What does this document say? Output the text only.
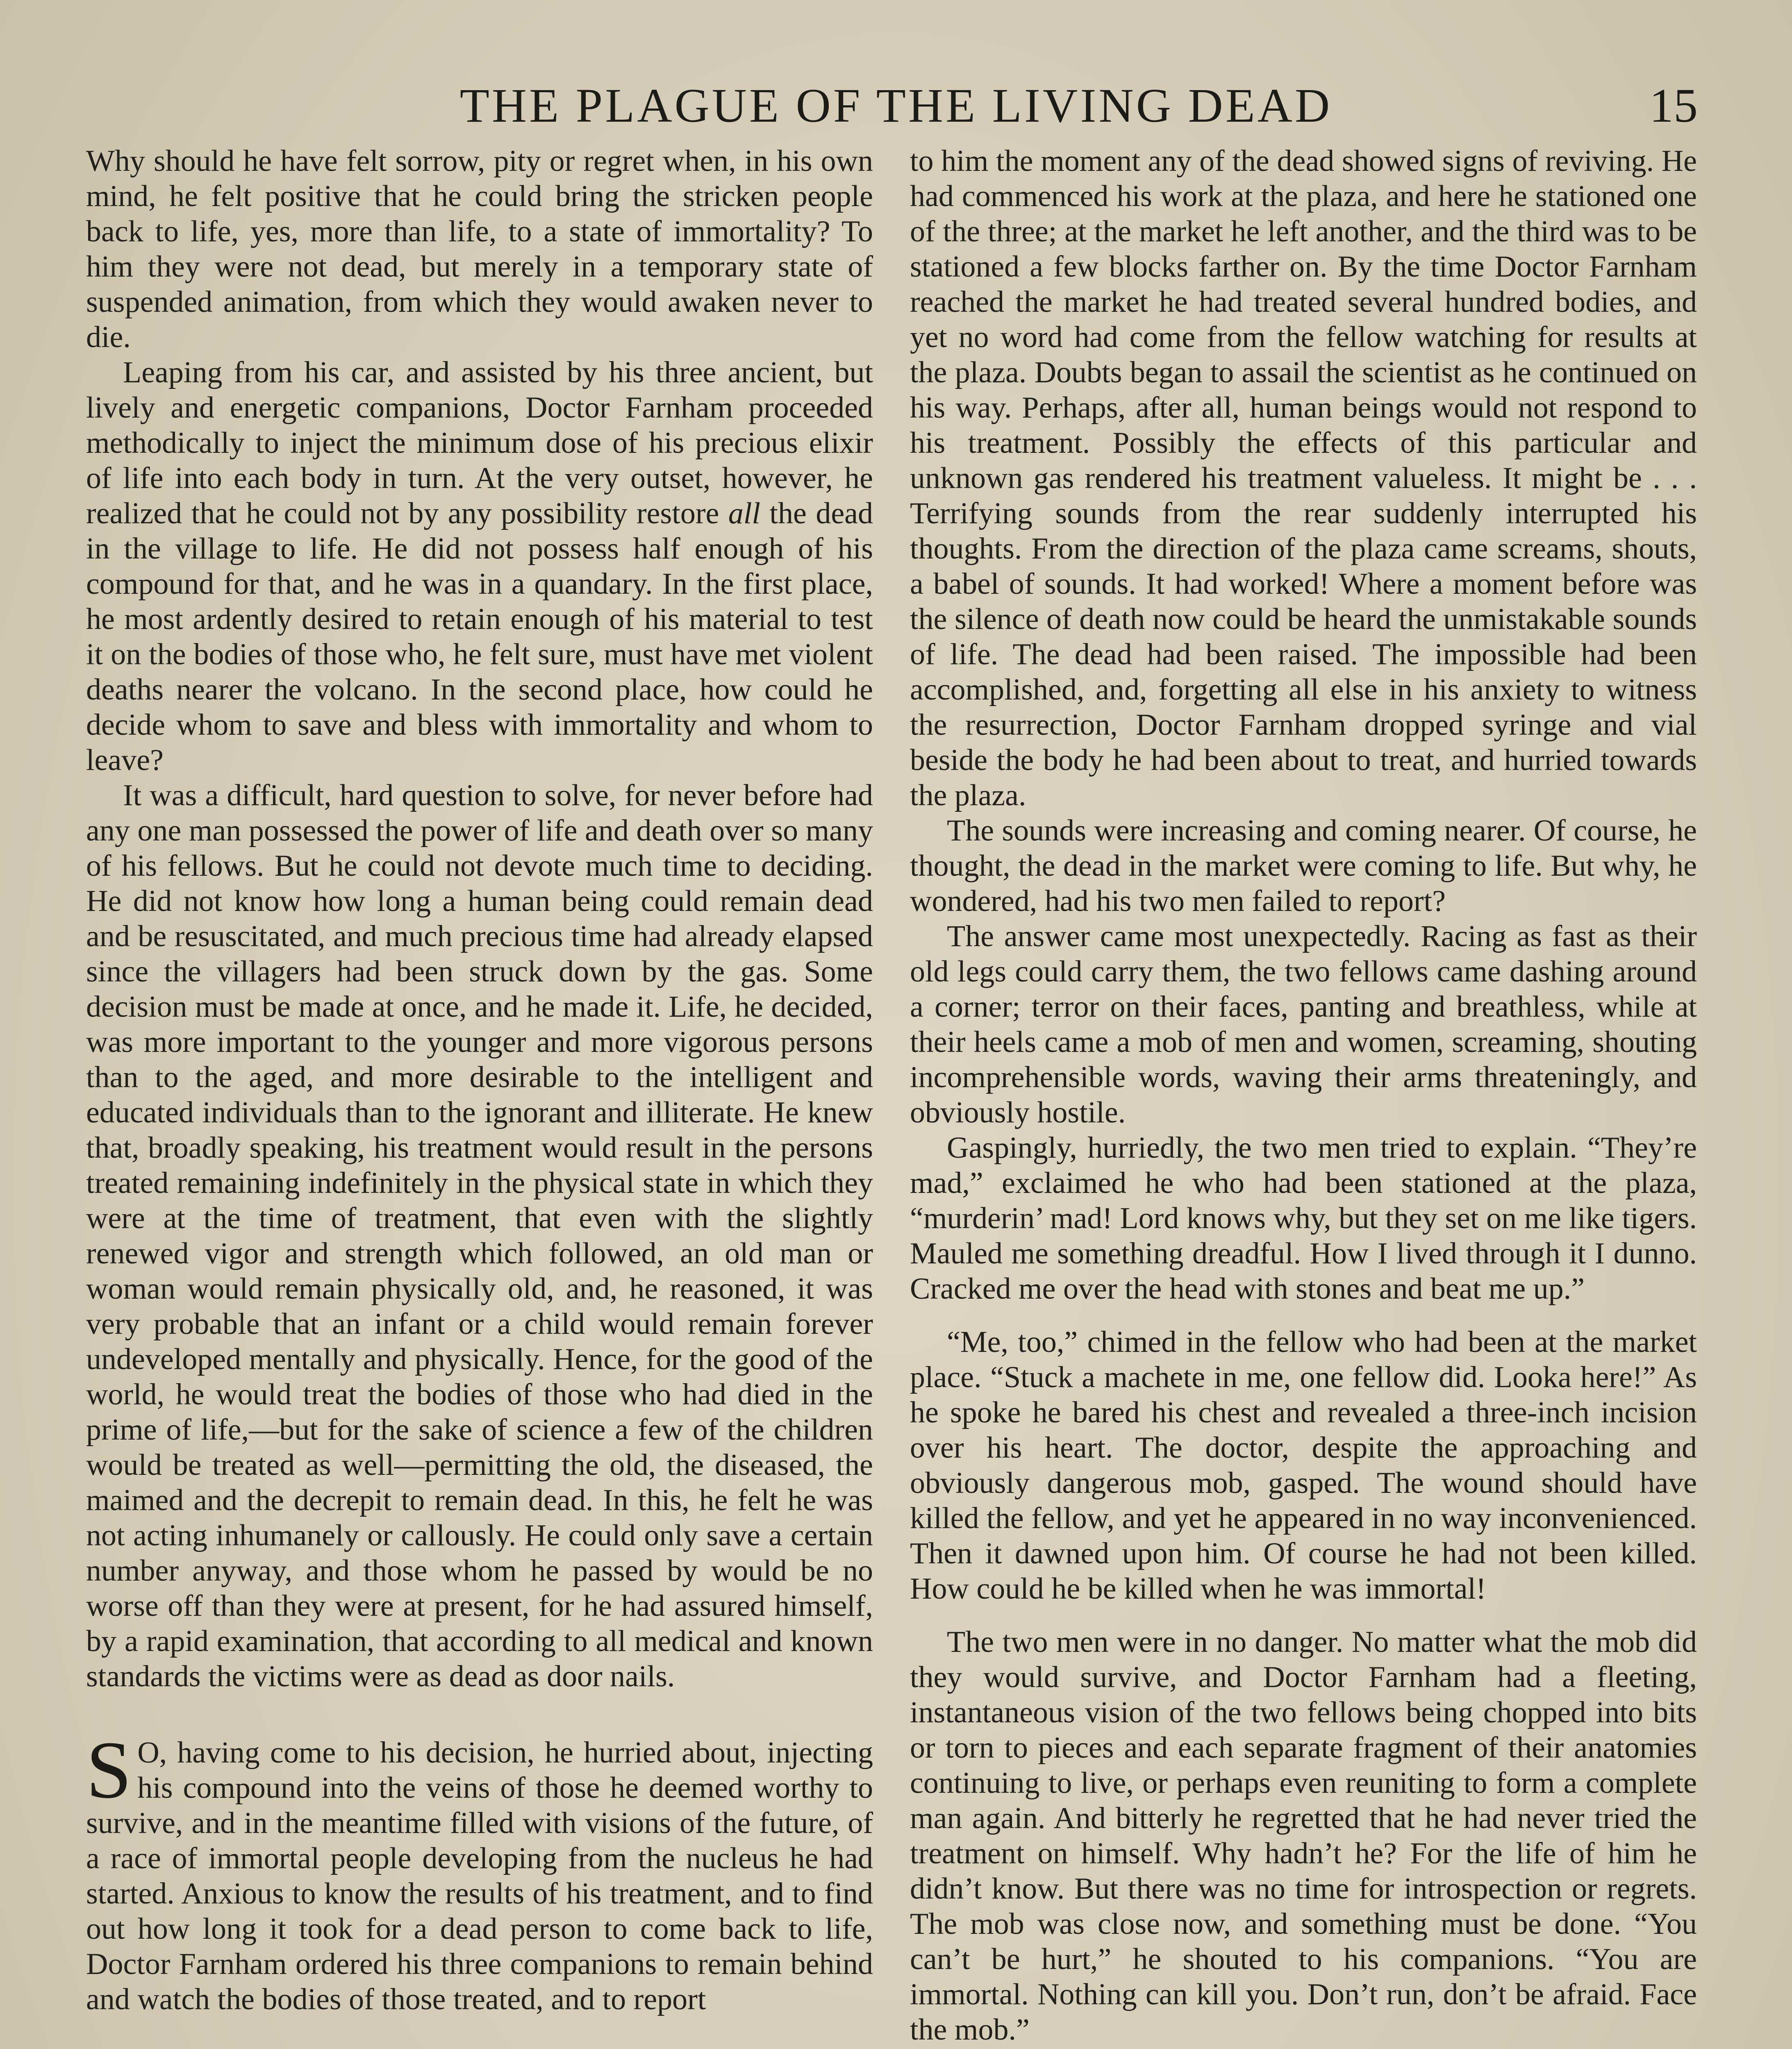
THE PLAGUE OF THE LIVING DEAD	15

Why should he have felt sorrow, pity or regret when, in his own mind, he felt positive that he could bring the stricken people back to life, yes, more than life, to a state of immortality? To him they were not dead, but merely in a temporary state of suspended animation, from which they would awaken never to die.

Leaping from his car, and assisted by his three ancient, but lively and energetic companions, Doctor Farnham proceeded methodically to inject the minimum dose of his precious elixir of life into each body in turn. At the very outset, however, he realized that he could not by any possibility restore all the dead in the village to life. He did not possess half enough of his compound for that, and he was in a quandary. In the first place, he most ardently desired to retain enough of his material to test it on the bodies of those who, he felt sure, must have met violent deaths nearer the volcano. In the second place, how could he decide whom to save and bless with immortality and whom to leave?

It was a difficult, hard question to solve, for never before had any one man possessed the power of life and death over so many of his fellows. But he could not devote much time to deciding. He did not know how long a human being could remain dead and be resuscitated, and much precious time had already elapsed since the villagers had been struck down by the gas. Some decision must be made at once, and he made it. Life, he decided, was more important to the younger and more vigorous persons than to the aged, and more desirable to the intelligent and educated individuals than to the ignorant and illiterate. He knew that, broadly speaking, his treatment would result in the persons treated remaining indefinitely in the physical state in which they were at the time of treatment, that even with the slightly renewed vigor and strength which followed, an old man or woman would remain physically old, and, he reasoned, it was very probable that an infant or a child would remain forever undeveloped mentally and physically. Hence, for the good of the world, he would treat the bodies of those who had died in the prime of life,—but for the sake of science a few of the children would be treated as well—permitting the old, the diseased, the maimed and the decrepit to remain dead. In this, he felt he was not acting inhumanely or callously. He could only save a certain number anyway, and those whom he passed by would be no worse off than they were at present, for he had assured himself, by a rapid examination, that according to all medical and known standards the victims were as dead as door nails.

S O, having come to his decision, he hurried about, injecting his compound into the veins of those he deemed worthy to survive, and in the meantime filled with visions of the future, of a race of immortal people developing from the nucleus he had started. Anxious to know the results of his treatment, and to find out how long it took for a dead person to come back to life, Doctor Farnham ordered his three companions to remain behind and watch the bodies of those treated, and to report

to him the moment any of the dead showed signs of reviving. He had commenced his work at the plaza, and here he stationed one of the three; at the market he left another, and the third was to be stationed a few blocks farther on. By the time Doctor Farnham reached the market he had treated several hundred bodies, and yet no word had come from the fellow watching for results at the plaza. Doubts began to assail the scientist as he continued on his way. Perhaps, after all, human beings would not respond to his treatment. Possibly the effects of this particular and unknown gas rendered his treatment valueless. It might be . . . Terrifying sounds from the rear suddenly interrupted his thoughts. From the direction of the plaza came screams, shouts, a babel of sounds. It had worked! Where a moment before was the silence of death now could be heard the unmistakable sounds of life. The dead had been raised. The impossible had been accomplished, and, forgetting all else in his anxiety to witness the resurrection, Doctor Farnham dropped syringe and vial beside the body he had been about to treat, and hurried towards the plaza.

The sounds were increasing and coming nearer. Of course, he thought, the dead in the market were coming to life. But why, he wondered, had his two men failed to report?

The answer came most unexpectedly. Racing as fast as their old legs could carry them, the two fellows came dashing around a corner; terror on their faces, panting and breathless, while at their heels came a mob of men and women, screaming, shouting incomprehensible words, waving their arms threateningly, and obviously hostile.

Gaspingly, hurriedly, the two men tried to explain. “They’re mad,” exclaimed he who had been stationed at the plaza, “murderin’ mad! Lord knows why, but they set on me like tigers. Mauled me something dreadful. How I lived through it I dunno. Cracked me over the head with stones and beat me up.”

“Me, too,” chimed in the fellow who had been at the market place. “Stuck a machete in me, one fellow did. Looka here!” As he spoke he bared his chest and revealed a three-inch incision over his heart. The doctor, despite the approaching and obviously dangerous mob, gasped. The wound should have killed the fellow, and yet he appeared in no way inconvenienced. Then it dawned upon him. Of course he had not been killed. How could he be killed when he was immortal!

The two men were in no danger. No matter what the mob did they would survive, and Doctor Farnham had a fleeting, instantaneous vision of the two fellows being chopped into bits or torn to pieces and each separate fragment of their anatomies continuing to live, or perhaps even reuniting to form a complete man again. And bitterly he regretted that he had never tried the treatment on himself. Why hadn’t he? For the life of him he didn’t know. But there was no time for introspection or regrets. The mob was close now, and something must be done. “You can’t be hurt,” he shouted to his companions. “You are immortal. Nothing can kill you. Don’t run, don’t be afraid. Face the mob.”
